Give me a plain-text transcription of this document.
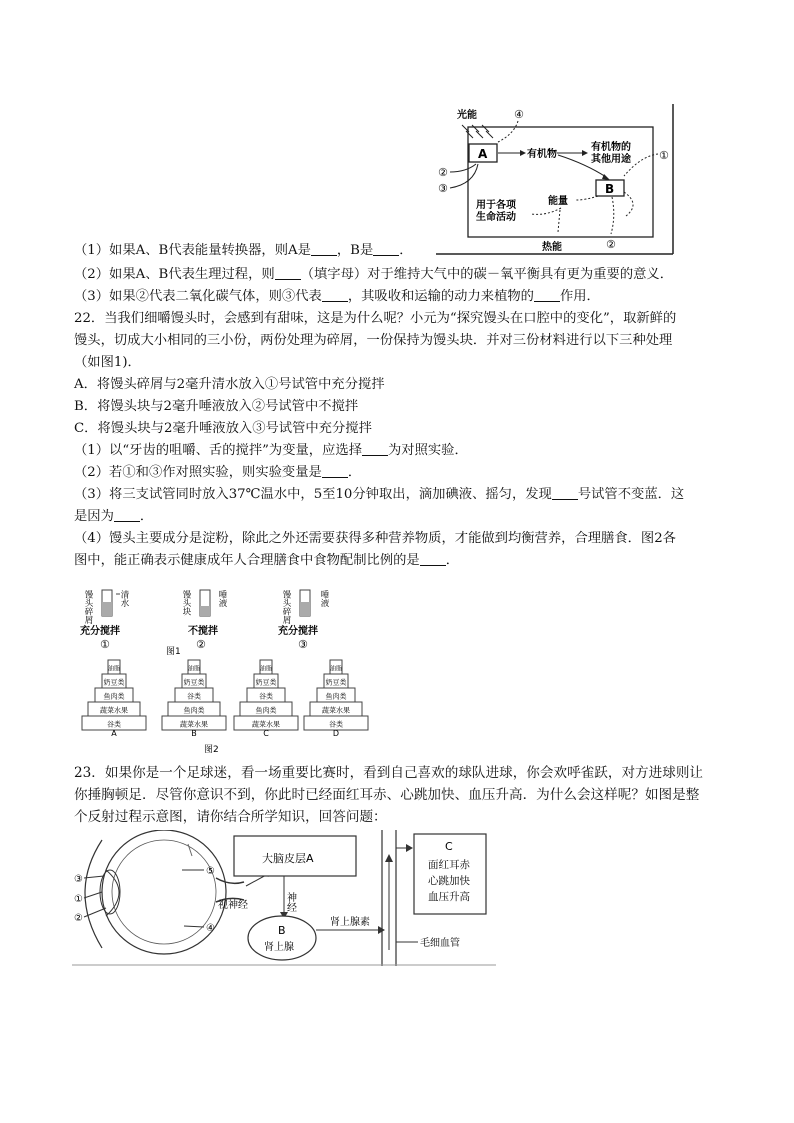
光能	④
A	有机物
有机物的
其他用途	①
②
③	B
用于各项
生命活动
能量
热能	②
（1）如果A、B代表能量转换器，则A是 ，B是 ．
（2）如果A、B代表生理过程，则 （填字母）对于维持大气中的碳－氧平衡具有更为重要的意义．
（3）如果②代表二氧化碳气体，则③代表 ，其吸收和运输的动力来植物的 作用．
22．当我们细嚼馒头时，会感到有甜味，这是为什么呢？小元为“探究馒头在口腔中的变化”，取新鲜的
馒头，切成大小相同的三小份，两份处理为碎屑，一份保持为馒头块．并对三份材料进行以下三种处理
（如图1)．
A．将馒头碎屑与2毫升清水放入①号试管中充分搅拌
B．将馒头块与2毫升唾液放入②号试管中不搅拌
C．将馒头块与2毫升唾液放入③号试管中充分搅拌
（1）以“牙齿的咀嚼、舌的搅拌”为变量，应选择 为对照实验．
（2）若①和③作对照实验，则实验变量是 ．
（3）将三支试管同时放入37℃温水中，5至10分钟取出，滴加碘液、摇匀，发现 号试管不变蓝．这
是因为 ．
（4）馒头主要成分是淀粉，除此之外还需要获得多种营养物质，才能做到均衡营养，合理膳食．图2各
图中，能正确表示健康成年人合理膳食中食物配制比例的是 ．
馒头碎屑	清水
充分搅拌
①
馒头块	唾液
不搅拌
②
图1
馒头碎屑	唾液
充分搅拌
③
油脂
奶豆类
鱼肉类
蔬菜水果
谷类
A
油脂
奶豆类
谷类
鱼肉类
蔬菜水果
B
油脂
奶豆类
谷类
鱼肉类
蔬菜水果
C
油脂
奶豆类
鱼肉类
蔬菜水果
谷类
D
图2
23．如果你是一个足球迷，看一场重要比赛时，看到自己喜欢的球队进球，你会欢呼雀跃，对方进球则让
你捶胸顿足．尽管你意识不到，你此时已经面红耳赤、心跳加快、血压升高．为什么会这样呢？如图是整
个反射过程示意图，请你结合所学知识，回答问题：
③
①
②
⑤
④
视神经
大脑皮层A
神经
B
肾上腺
肾上腺素
毛细血管
C
面红耳赤
心跳加快
血压升高
